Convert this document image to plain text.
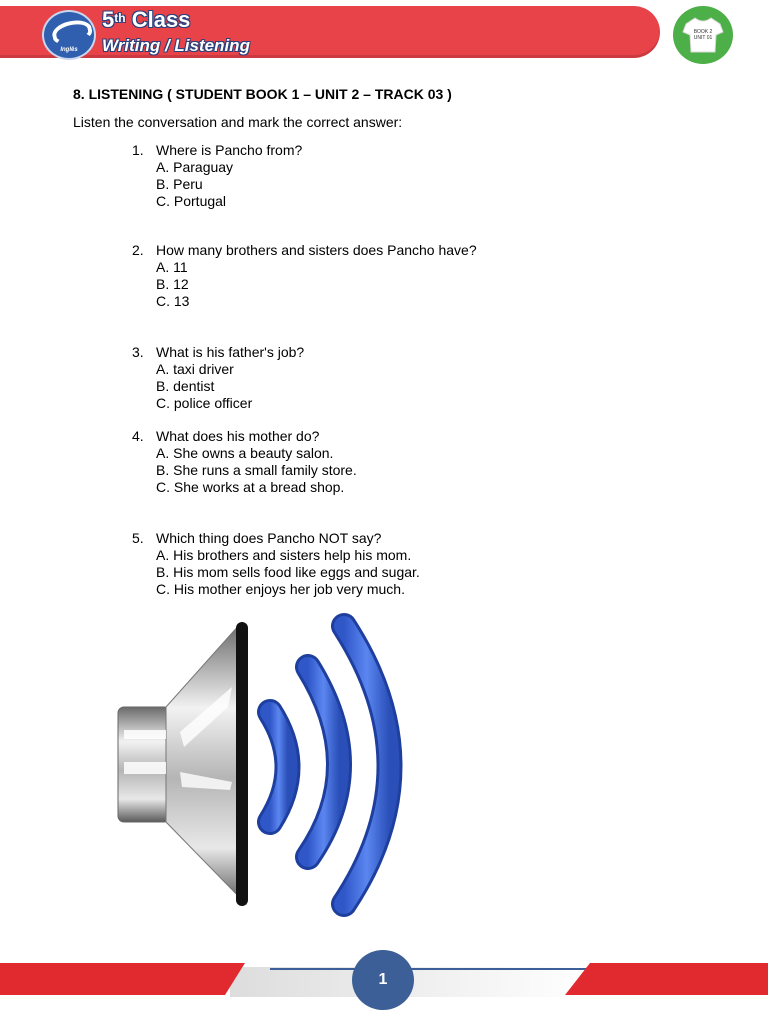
Inglês
5th Class
Writing / Listening
BOOK 2
UNIT 01
8. LISTENING ( STUDENT BOOK 1 – UNIT 2 – TRACK 03 )
Listen the conversation and mark the correct answer:
1. Where is Pancho from?
A. Paraguay
B. Peru
C. Portugal
2. How many brothers and sisters does Pancho have?
A. 11
B. 12
C. 13
3. What is his father's job?
A. taxi driver
B. dentist
C. police officer
4. What does his mother do?
A. She owns a beauty salon.
B. She runs a small family store.
C. She works at a bread shop.
5. Which thing does Pancho NOT say?
A. His brothers and sisters help his mom.
B. His mom sells food like eggs and sugar.
C. His mother enjoys her job very much.
1
